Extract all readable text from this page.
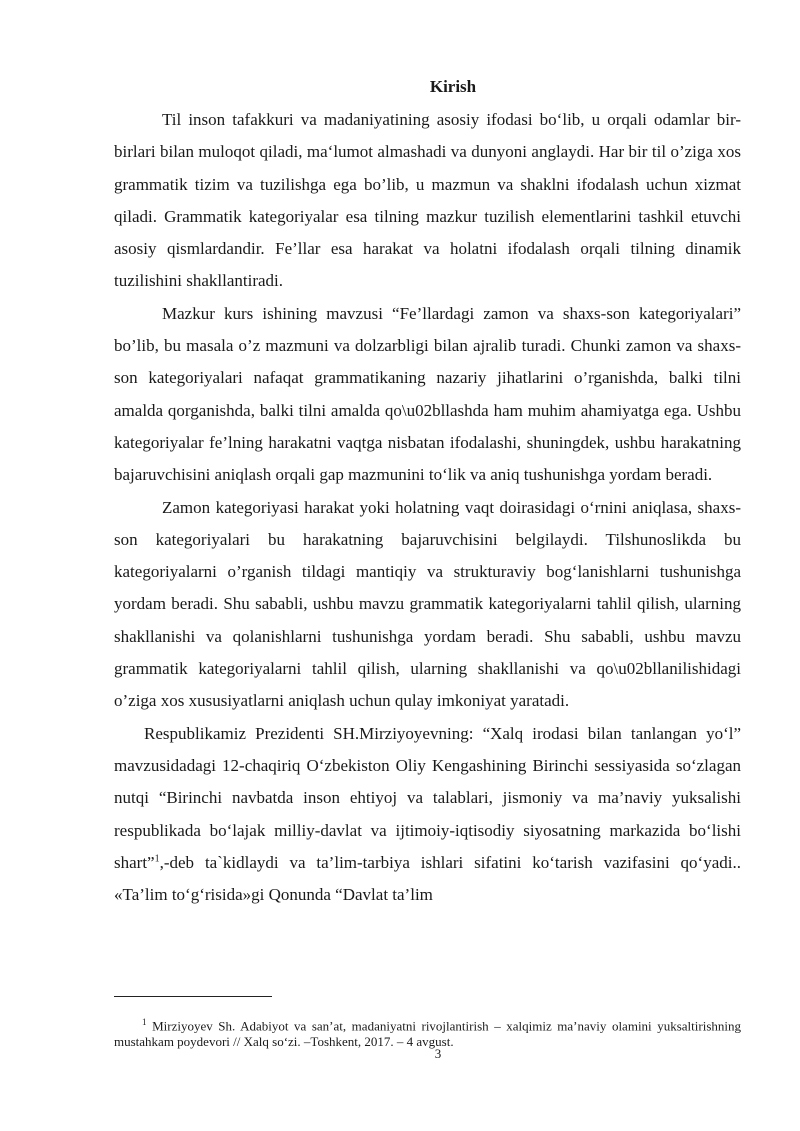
Kirish

Til inson tafakkuri va madaniyatining asosiy ifodasi bo‘lib, u orqali odamlar bir-birlari bilan muloqot qiladi, ma‘lumot almashadi va dunyoni anglaydi. Har bir til o’ziga xos grammatik tizim va tuzilishga ega bo’lib, u mazmun va shaklni ifodalash uchun xizmat qiladi. Grammatik kategoriyalar esa tilning mazkur tuzilish elementlarini tashkil etuvchi asosiy qismlardandir. Fe’llar esa harakat va holatni ifodalash orqali tilning dinamik tuzilishini shakllantiradi.

Mazkur kurs ishining mavzusi “Fe’llardagi zamon va shaxs-son kategoriyalari” bo’lib, bu masala o’z mazmuni va dolzarbligi bilan ajralib turadi. Chunki zamon va shaxs-son kategoriyalari nafaqat grammatikaning nazariy jihatlarini o’rganishda, balki tilni amalda qorganishda, balki tilni amalda qo\u02bllashda ham muhim ahamiyatga ega. Ushbu kategoriyalar fe’lning harakatni vaqtga nisbatan ifodalashi, shuningdek, ushbu harakatning bajaruvchisini aniqlash orqali gap mazmunini to‘lik va aniq tushunishga yordam beradi.

Zamon kategoriyasi harakat yoki holatning vaqt doirasidagi o‘rnini aniqlasa, shaxs-son kategoriyalari bu harakatning bajaruvchisini belgilaydi. Tilshunoslikda bu kategoriyalarni o’rganish tildagi mantiqiy va strukturaviy bog‘lanishlarni tushunishga yordam beradi. Shu sababli, ushbu mavzu grammatik kategoriyalarni tahlil qilish, ularning shakllanishi va qolanishlarni tushunishga yordam beradi. Shu sababli, ushbu mavzu grammatik kategoriyalarni tahlil qilish, ularning shakllanishi va qo\u02bllanilishidagi o’ziga xos xususiyatlarni aniqlash uchun qulay imkoniyat yaratadi.

Respublikamiz Prezidenti SH.Mirziyoyevning: “Xalq irodasi bilan tanlangan yo‘l” mavzusidadagi 12-chaqiriq O‘zbekiston Oliy Kengashining Birinchi sessiyasida so‘zlagan nutqi “Birinchi navbatda inson ehtiyoj va talablari, jismoniy va ma’naviy yuksalishi respublikada bo‘lajak milliy-davlat va ijtimoiy-iqtisodiy siyosatning markazida bo‘lishi shart”$^1$,-deb ta`kidlaydi va ta’lim-tarbiya ishlari sifatini ko‘tarish vazifasini qo‘yadi.. «Ta’lim to‘g‘risida»gi Qonunda “Davlat ta’lim

$^1$ Mirziyoyev Sh. Adabiyot va san’at, madaniyatni rivojlantirish – xalqimiz ma’naviy olamini yuksaltirishning mustahkam poydevori // Xalq so‘zi. –Toshkent, 2017. – 4 avgust.
3
